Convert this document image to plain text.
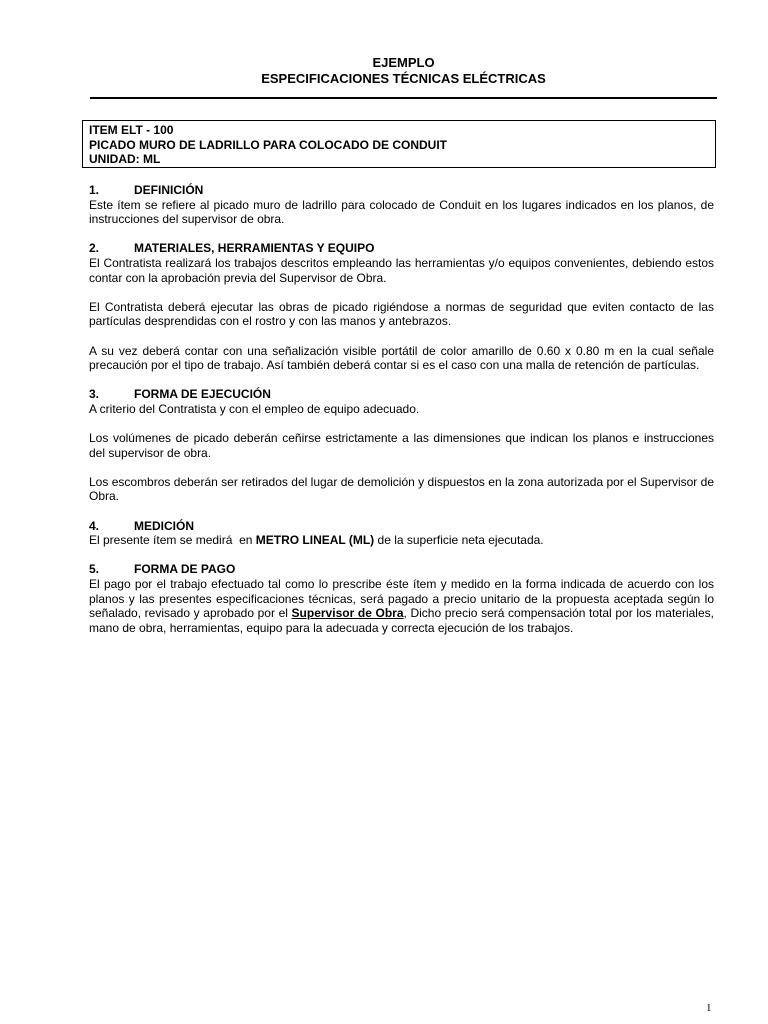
EJEMPLO
ESPECIFICACIONES TÉCNICAS ELÉCTRICAS
ITEM ELT - 100
PICADO MURO DE LADRILLO PARA COLOCADO DE CONDUIT
UNIDAD: ML
1.	DEFINICIÓN

Este ítem se refiere al picado muro de ladrillo para colocado de Conduit en los lugares indicados en los planos, de instrucciones del supervisor de obra.

2.	MATERIALES, HERRAMIENTAS Y EQUIPO

El Contratista realizará los trabajos descritos empleando las herramientas y/o equipos convenientes, debiendo estos contar con la aprobación previa del Supervisor de Obra.

El Contratista deberá ejecutar las obras de picado rigiéndose a normas de seguridad que eviten contacto de las partículas desprendidas con el rostro y con las manos y antebrazos.

A su vez deberá contar con una señalización visible portátil de color amarillo de 0.60 x 0.80 m en la cual señale precaución por el tipo de trabajo. Así también deberá contar si es el caso con una malla de retención de partículas.

3.	FORMA DE EJECUCIÓN

A criterio del Contratista y con el empleo de equipo adecuado.

Los volúmenes de picado deberán ceñirse estrictamente a las dimensiones que indican los planos e instrucciones del supervisor de obra.

Los escombros deberán ser retirados del lugar de demolición y dispuestos en la zona autorizada por el Supervisor de Obra.

4.	MEDICIÓN

El presente ítem se medirá  en METRO LINEAL (ML) de la superficie neta ejecutada.

5.	FORMA DE PAGO

El pago por el trabajo efectuado tal como lo prescribe éste ítem y medido en la forma indicada de acuerdo con los planos y las presentes especificaciones técnicas, será pagado a precio unitario de la propuesta aceptada según lo señalado, revisado y aprobado por el Supervisor de Obra, Dicho precio será compensación total por los materiales, mano de obra, herramientas, equipo para la adecuada y correcta ejecución de los trabajos.

1
